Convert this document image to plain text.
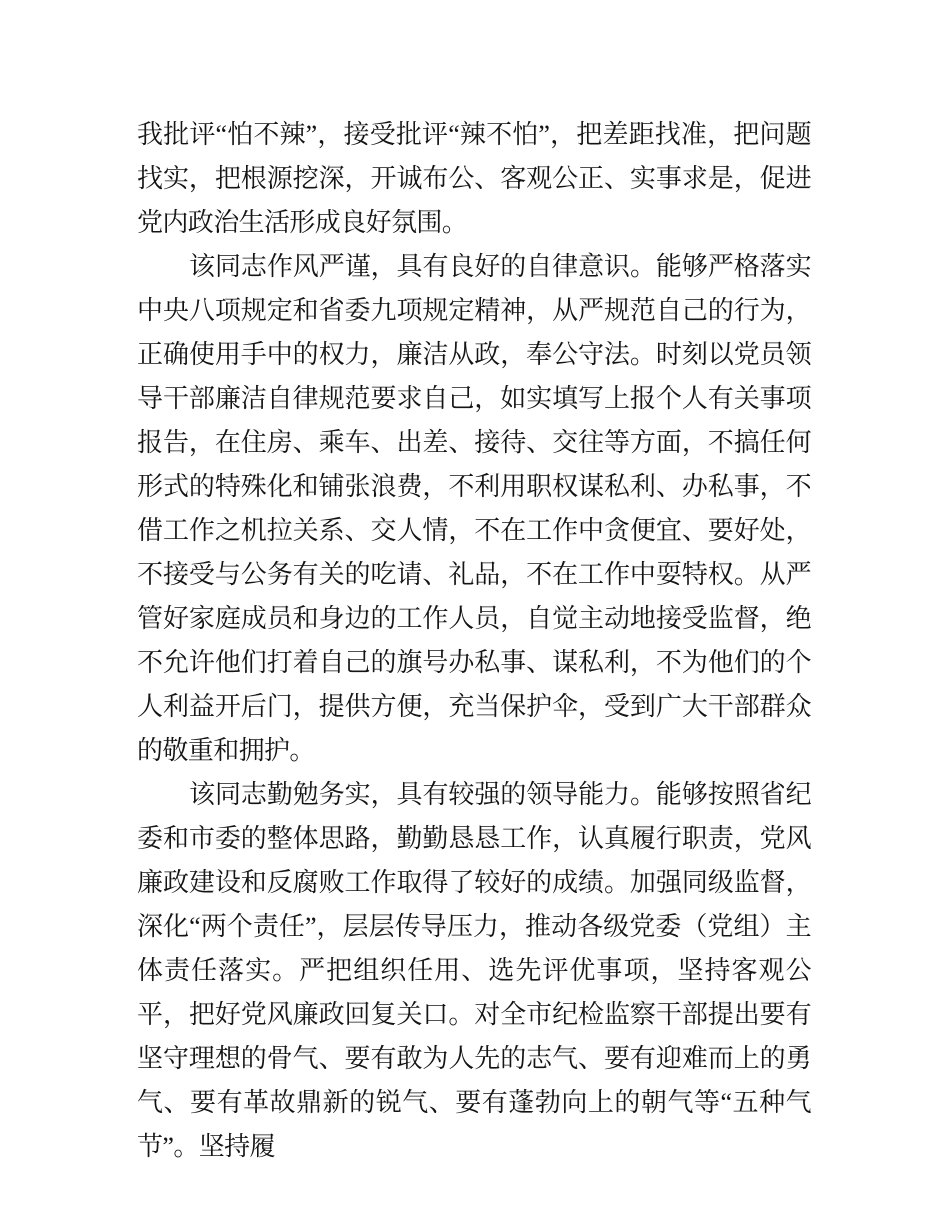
我批评“怕不辣”，接受批评“辣不怕”，把差距找准，把问题找实，把根源挖深，开诚布公、客观公正、实事求是，促进党内政治生活形成良好氛围。

该同志作风严谨，具有良好的自律意识。能够严格落实中央八项规定和省委九项规定精神，从严规范自己的行为，正确使用手中的权力，廉洁从政，奉公守法。时刻以党员领导干部廉洁自律规范要求自己，如实填写上报个人有关事项报告，在住房、乘车、出差、接待、交往等方面，不搞任何形式的特殊化和铺张浪费，不利用职权谋私利、办私事，不借工作之机拉关系、交人情，不在工作中贪便宜、要好处，不接受与公务有关的吃请、礼品，不在工作中耍特权。从严管好家庭成员和身边的工作人员，自觉主动地接受监督，绝不允许他们打着自己的旗号办私事、谋私利，不为他们的个人利益开后门，提供方便，充当保护伞，受到广大干部群众的敬重和拥护。

该同志勤勉务实，具有较强的领导能力。能够按照省纪委和市委的整体思路，勤勤恳恳工作，认真履行职责，党风廉政建设和反腐败工作取得了较好的成绩。加强同级监督，深化“两个责任”，层层传导压力，推动各级党委（党组）主体责任落实。严把组织任用、选先评优事项，坚持客观公平，把好党风廉政回复关口。对全市纪检监察干部提出要有坚守理想的骨气、要有敢为人先的志气、要有迎难而上的勇气、要有革故鼎新的锐气、要有蓬勃向上的朝气等“五种气节”。坚持履
